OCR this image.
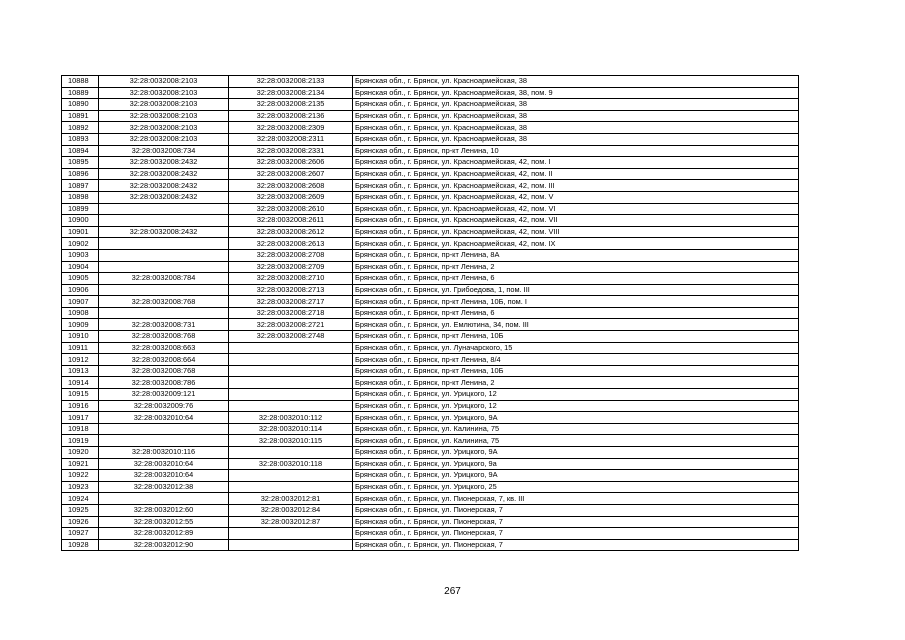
10888	32:28:0032008:2103	32:28:0032008:2133	Брянская обл., г. Брянск, ул. Красноармейская, 38
10889	32:28:0032008:2103	32:28:0032008:2134	Брянская обл., г. Брянск, ул. Красноармейская, 38, пом. 9
10890	32:28:0032008:2103	32:28:0032008:2135	Брянская обл., г. Брянск, ул. Красноармейская, 38
10891	32:28:0032008:2103	32:28:0032008:2136	Брянская обл., г. Брянск, ул. Красноармейская, 38
10892	32:28:0032008:2103	32:28:0032008:2309	Брянская обл., г. Брянск, ул. Красноармейская, 38
10893	32:28:0032008:2103	32:28:0032008:2311	Брянская обл., г. Брянск, ул. Красноармейская, 38
10894	32:28:0032008:734	32:28:0032008:2331	Брянская обл., г. Брянск, пр-кт Ленина, 10
10895	32:28:0032008:2432	32:28:0032008:2606	Брянская обл., г. Брянск, ул. Красноармейская, 42, пом. I
10896	32:28:0032008:2432	32:28:0032008:2607	Брянская обл., г. Брянск, ул. Красноармейская, 42, пом. II
10897	32:28:0032008:2432	32:28:0032008:2608	Брянская обл., г. Брянск, ул. Красноармейская, 42, пом. III
10898	32:28:0032008:2432	32:28:0032008:2609	Брянская обл., г. Брянск, ул. Красноармейская, 42, пом. V
10899		32:28:0032008:2610	Брянская обл., г. Брянск, ул. Красноармейская, 42, пом. VI
10900		32:28:0032008:2611	Брянская обл., г. Брянск, ул. Красноармейская, 42, пом. VII
10901	32:28:0032008:2432	32:28:0032008:2612	Брянская обл., г. Брянск, ул. Красноармейская, 42, пом. VIII
10902		32:28:0032008:2613	Брянская обл., г. Брянск, ул. Красноармейская, 42, пом. IX
10903		32:28:0032008:2708	Брянская обл., г. Брянск, пр-кт Ленина, 8А
10904		32:28:0032008:2709	Брянская обл., г. Брянск, пр-кт Ленина, 2
10905	32:28:0032008:784	32:28:0032008:2710	Брянская обл., г. Брянск, пр-кт Ленина, 6
10906		32:28:0032008:2713	Брянская обл., г. Брянск, ул. Грибоедова, 1, пом. III
10907	32:28:0032008:768	32:28:0032008:2717	Брянская обл., г. Брянск, пр-кт Ленина, 10Б, пом. I
10908		32:28:0032008:2718	Брянская обл., г. Брянск, пр-кт Ленина, 6
10909	32:28:0032008:731	32:28:0032008:2721	Брянская обл., г. Брянск, ул. Емлютина, 34, пом. III
10910	32:28:0032008:768	32:28:0032008:2748	Брянская обл., г. Брянск, пр-кт Ленина, 10Б
10911	32:28:0032008:663		Брянская обл., г. Брянск, ул. Луначарского, 15
10912	32:28:0032008:664		Брянская обл., г. Брянск, пр-кт Ленина, 8/4
10913	32:28:0032008:768		Брянская обл., г. Брянск, пр-кт Ленина, 10Б
10914	32:28:0032008:786		Брянская обл., г. Брянск, пр-кт Ленина, 2
10915	32:28:0032009:121		Брянская обл., г. Брянск, ул. Урицкого, 12
10916	32:28:0032009:76		Брянская обл., г. Брянск, ул. Урицкого, 12
10917	32:28:0032010:64	32:28:0032010:112	Брянская обл., г. Брянск, ул. Урицкого, 9А
10918		32:28:0032010:114	Брянская обл., г. Брянск, ул. Калинина, 75
10919		32:28:0032010:115	Брянская обл., г. Брянск, ул. Калинина, 75
10920	32:28:0032010:116		Брянская обл., г. Брянск, ул. Урицкого, 9А
10921	32:28:0032010:64	32:28:0032010:118	Брянская обл., г. Брянск, ул. Урицкого, 9а
10922	32:28:0032010:64		Брянская обл., г. Брянск, ул. Урицкого, 9А
10923	32:28:0032012:38		Брянская обл., г. Брянск, ул. Урицкого, 25
10924		32:28:0032012:81	Брянская обл., г. Брянск, ул. Пионерская, 7, кв. III
10925	32:28:0032012:60	32:28:0032012:84	Брянская обл., г. Брянск, ул. Пионерская, 7
10926	32:28:0032012:55	32:28:0032012:87	Брянская обл., г. Брянск, ул. Пионерская, 7
10927	32:28:0032012:89		Брянская обл., г. Брянск, ул. Пионерская, 7
10928	32:28:0032012:90		Брянская обл., г. Брянск, ул. Пионерская, 7
267
